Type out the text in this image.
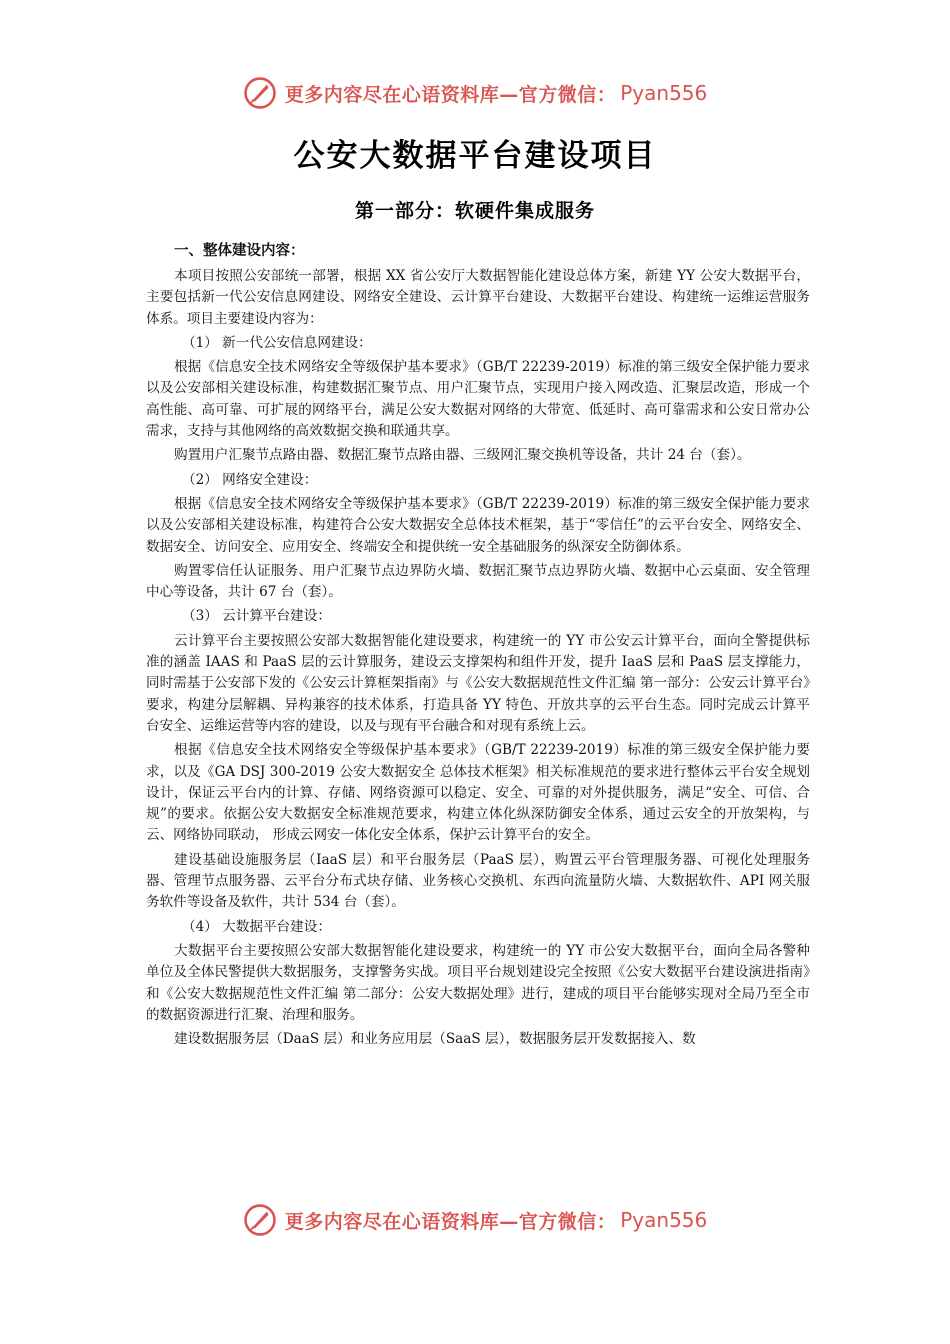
更多内容尽在心语资料库—官方微信： Pyan556
公安大数据平台建设项目
第一部分：软硬件集成服务
一、整体建设内容：
本项目按照公安部统一部署，根据 XX 省公安厅大数据智能化建设总体方案，新建 YY 公安大数据平台，主要包括新一代公安信息网建设、网络安全建设、云计算平台建设、大数据平台建设、构建统一运维运营服务体系。项目主要建设内容为：
（1） 新一代公安信息网建设：
根据《信息安全技术网络安全等级保护基本要求》（GB/T 22239-2019）标准的第三级安全保护能力要求以及公安部相关建设标准，构建数据汇聚节点、用户汇聚节点，实现用户接入网改造、汇聚层改造，形成一个高性能、高可靠、可扩展的网络平台，满足公安大数据对网络的大带宽、低延时、高可靠需求和公安日常办公需求，支持与其他网络的高效数据交换和联通共享。
购置用户汇聚节点路由器、数据汇聚节点路由器、三级网汇聚交换机等设备，共计 24 台（套）。
（2） 网络安全建设：
根据《信息安全技术网络安全等级保护基本要求》（GB/T 22239-2019）标准的第三级安全保护能力要求以及公安部相关建设标准，构建符合公安大数据安全总体技术框架，基于“零信任”的云平台安全、网络安全、数据安全、访问安全、应用安全、终端安全和提供统一安全基础服务的纵深安全防御体系。
购置零信任认证服务、用户汇聚节点边界防火墙、数据汇聚节点边界防火墙、数据中心云桌面、安全管理中心等设备，共计 67 台（套）。
（3） 云计算平台建设：
云计算平台主要按照公安部大数据智能化建设要求，构建统一的 YY 市公安云计算平台，面向全警提供标准的涵盖 IAAS 和 PaaS 层的云计算服务，建设云支撑架构和组件开发，提升 IaaS 层和 PaaS 层支撑能力，同时需基于公安部下发的《公安云计算框架指南》与《公安大数据规范性文件汇编 第一部分：公安云计算平台》要求，构建分层解耦、异构兼容的技术体系，打造具备 YY 特色、开放共享的云平台生态。同时完成云计算平台安全、运维运营等内容的建设，以及与现有平台融合和对现有系统上云。
根据《信息安全技术网络安全等级保护基本要求》（GB/T 22239-2019）标准的第三级安全保护能力要求，以及《GA DSJ 300-2019 公安大数据安全 总体技术框架》相关标准规范的要求进行整体云平台安全规划设计，保证云平台内的计算、存储、网络资源可以稳定、安全、可靠的对外提供服务，满足“安全、可信、合规”的要求。依据公安大数据安全标准规范要求，构建立体化纵深防御安全体系，通过云安全的开放架构，与云、网络协同联动， 形成云网安一体化安全体系，保护云计算平台的安全。
建设基础设施服务层（IaaS 层）和平台服务层（PaaS 层），购置云平台管理服务器、可视化处理服务器、管理节点服务器、云平台分布式块存储、业务核心交换机、东西向流量防火墙、大数据软件、API 网关服务软件等设备及软件，共计 534 台（套）。
（4） 大数据平台建设：
大数据平台主要按照公安部大数据智能化建设要求，构建统一的 YY 市公安大数据平台，面向全局各警种单位及全体民警提供大数据服务，支撑警务实战。项目平台规划建设完全按照《公安大数据平台建设演进指南》和《公安大数据规范性文件汇编 第二部分：公安大数据处理》进行，建成的项目平台能够实现对全局乃至全市的数据资源进行汇聚、治理和服务。
建设数据服务层（DaaS 层）和业务应用层（SaaS 层），数据服务层开发数据接入、数
更多内容尽在心语资料库—官方微信： Pyan556
